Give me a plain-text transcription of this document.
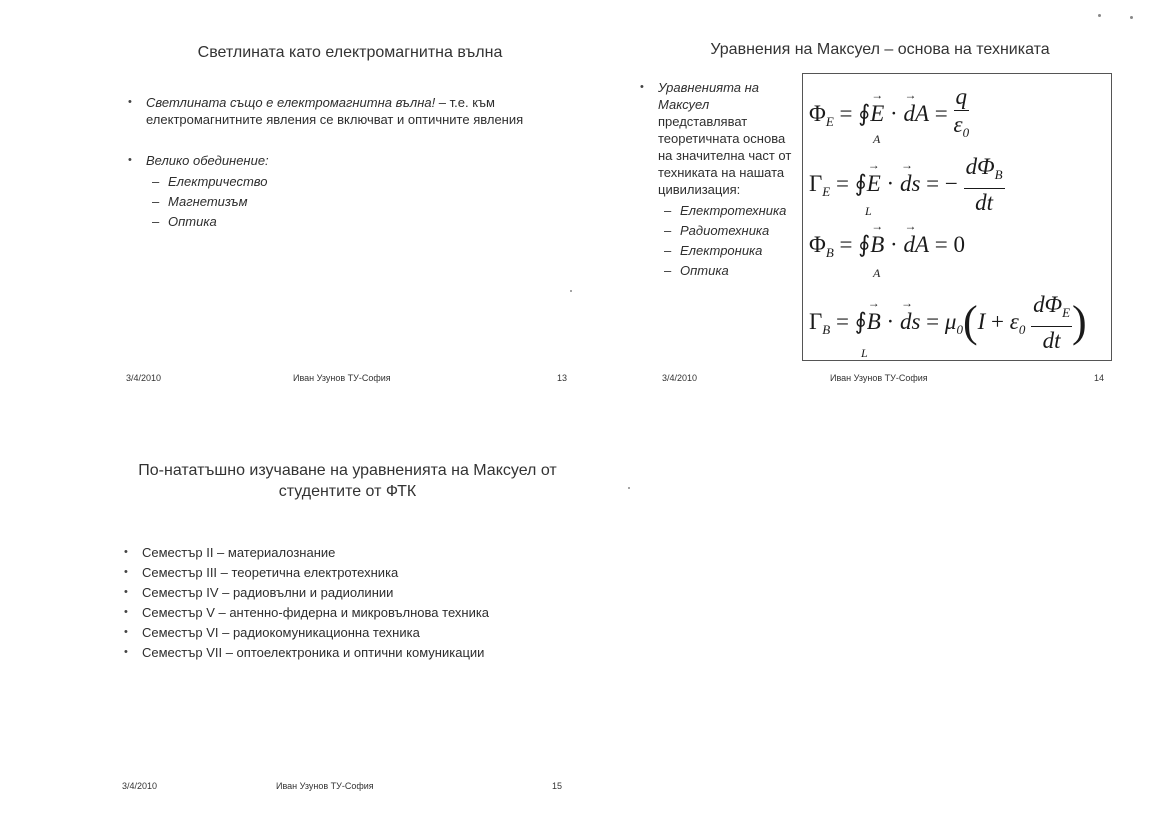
Светлината като електромагнитна вълна
• Светлината също е електромагнитна вълна! – т.е. към електромагнитните явления се включват и оптичните явления
• Велико обединение:
– Електричество
– Магнетизъм
– Оптика
3/4/2010	Иван Узунов ТУ-София	13
Уравнения на Максуел – основа на техниката
• Уравненията на Максуел представляват теоретичната основа на значителна част от техниката на нашата цивилизация:
– Електротехника
– Радиотехника
– Електроника
– Оптика
3/4/2010	Иван Узунов ТУ-София	14
$\Phi_E$ = ∮→ E · → dA = $\frac{q}{\varepsilon_0}$
A
$\Gamma_E$ = ∮→ E · → ds = − $\frac{d\Phi_B}{dt}$
L
$\Phi_B$ = ∮→ B · → dA = 0
A
$\Gamma_B$ = ∮→ B · → ds = $\mu_0(I + \varepsilon_0 \frac{d\Phi_E}{dt}$ )
L
По-нататъшно изучаване на уравненията на Максуел от
студентите от ФТК
• Семестър II – материалознание
• Семестър III – теоретична електротехника
• Семестър IV – радиовълни и радиолинии
• Семестър V – антенно-фидерна и микровълнова техника
• Семестър VI – радиокомуникационна техника
• Семестър VII – оптоелектроника и оптични комуникации
3/4/2010	Иван Узунов ТУ-София	15
